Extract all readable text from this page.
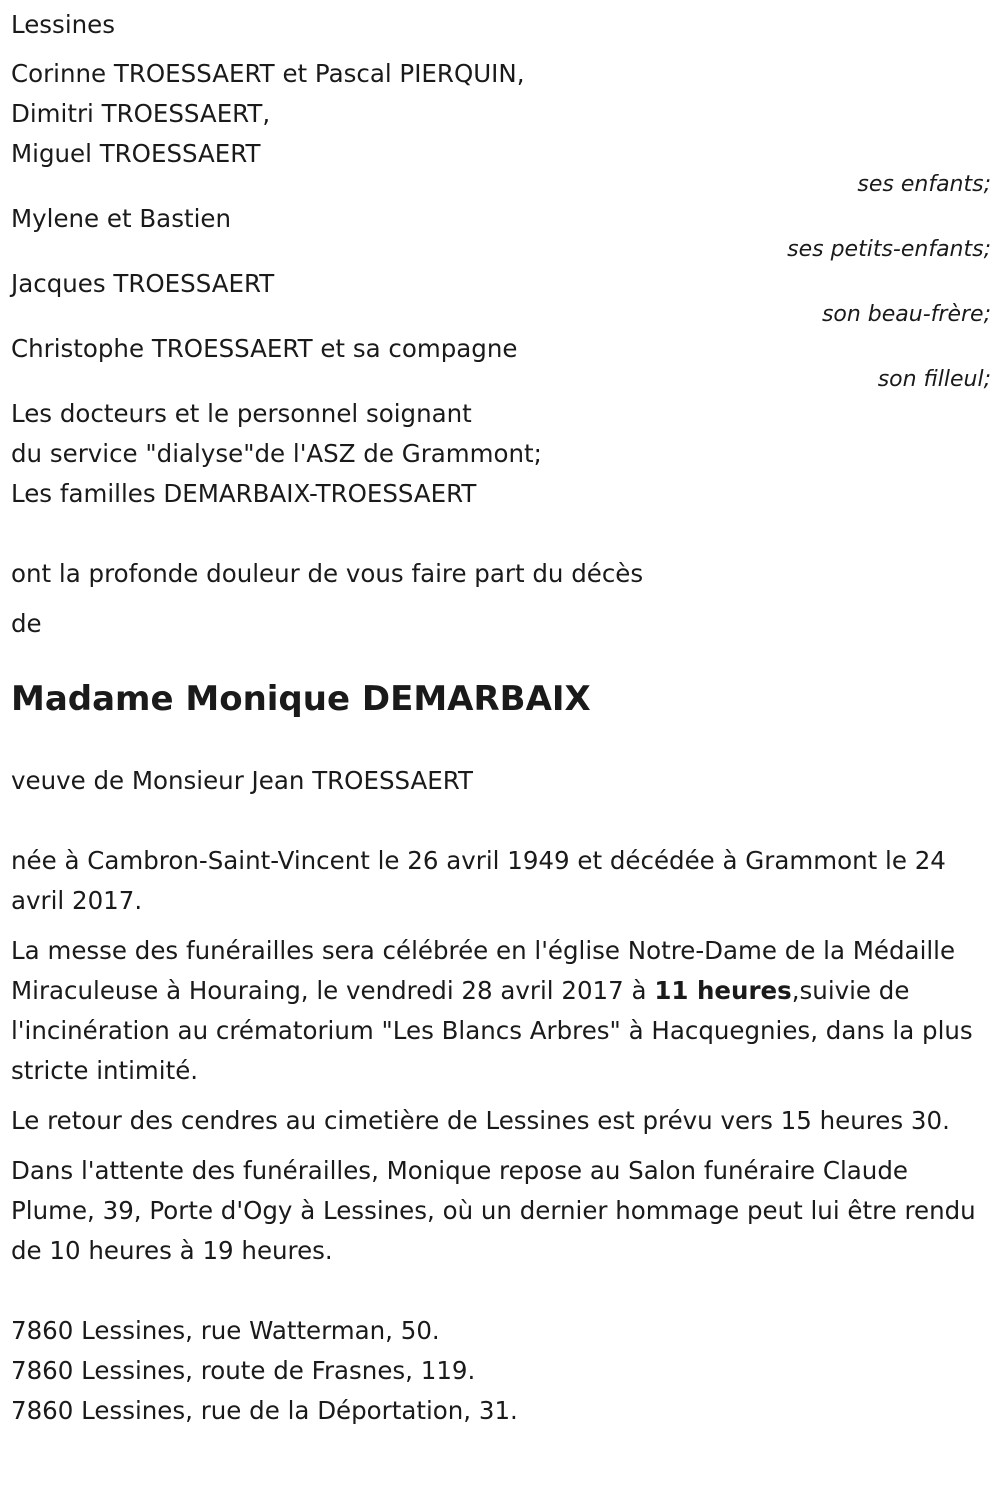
Lessines
Corinne TROESSAERT et Pascal PIERQUIN,
Dimitri TROESSAERT,
Miguel TROESSAERT
ses enfants;
Mylene et Bastien
ses petits-enfants;
Jacques TROESSAERT
son beau-frère;
Christophe TROESSAERT et sa compagne
son filleul;
Les docteurs et le personnel soignant
du service "dialyse"de l'ASZ de Grammont;
Les familles DEMARBAIX-TROESSAERT
ont la profonde douleur de vous faire part du décès
de
Madame Monique DEMARBAIX
veuve de Monsieur Jean TROESSAERT
née à Cambron-Saint-Vincent le 26 avril 1949 et décédée à Grammont le 24 avril 2017.
La messe des funérailles sera célébrée en l'église Notre-Dame de la Médaille Miraculeuse à Houraing, le vendredi 28 avril 2017 à 11 heures,suivie de l'incinération au crématorium "Les Blancs Arbres" à Hacquegnies, dans la plus stricte intimité.
Le retour des cendres au cimetière de Lessines est prévu vers 15 heures 30.
Dans l'attente des funérailles, Monique repose au Salon funéraire Claude Plume, 39, Porte d'Ogy à Lessines, où un dernier hommage peut lui être rendu de 10 heures à 19 heures.
7860 Lessines, rue Watterman, 50.
7860 Lessines, route de Frasnes, 119.
7860 Lessines, rue de la Déportation, 31.
